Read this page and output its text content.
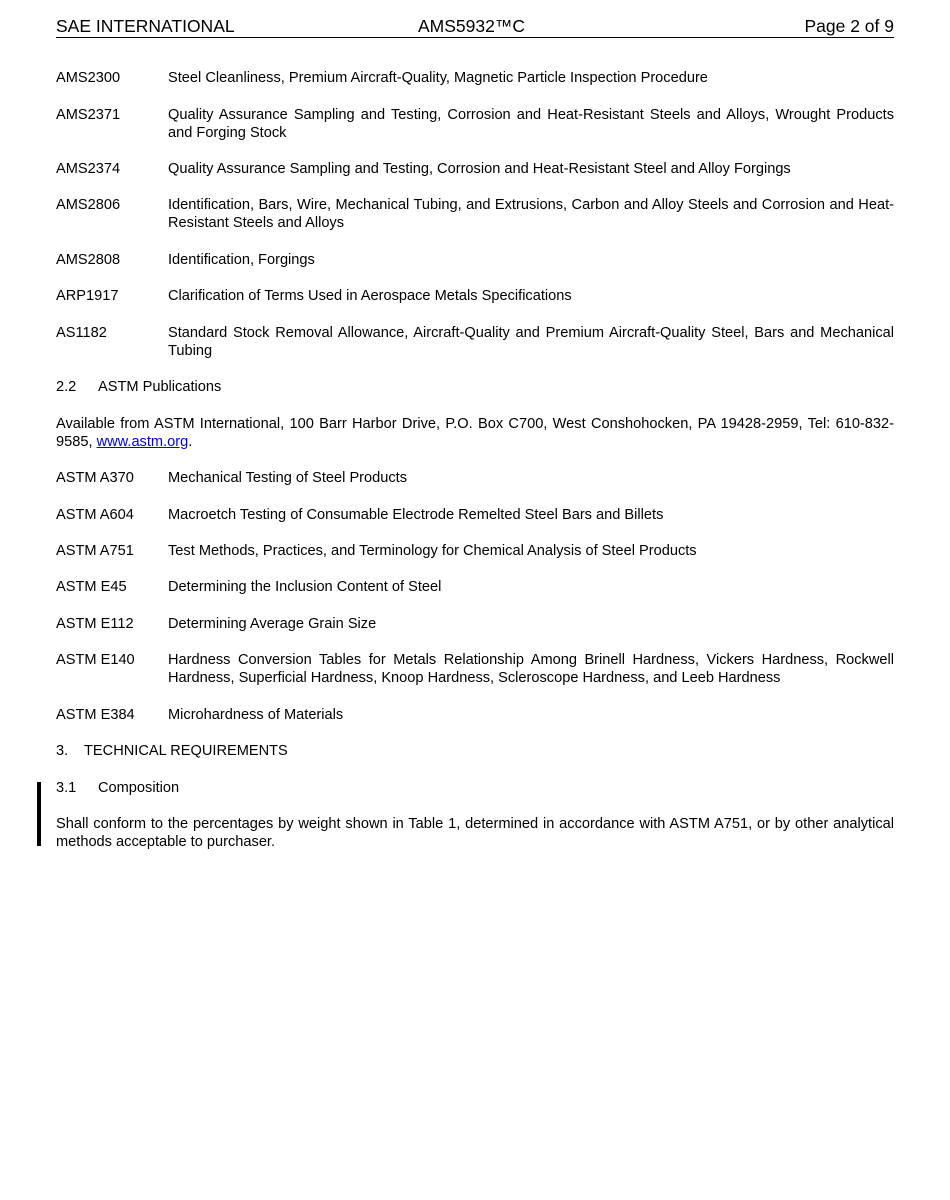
SAE INTERNATIONAL	AMS5932™C	Page 2 of 9
AMS2300	Steel Cleanliness, Premium Aircraft-Quality, Magnetic Particle Inspection Procedure
AMS2371	Quality Assurance Sampling and Testing, Corrosion and Heat-Resistant Steels and Alloys, Wrought Products and Forging Stock
AMS2374	Quality Assurance Sampling and Testing, Corrosion and Heat-Resistant Steel and Alloy Forgings
AMS2806	Identification, Bars, Wire, Mechanical Tubing, and Extrusions, Carbon and Alloy Steels and Corrosion and Heat-Resistant Steels and Alloys
AMS2808	Identification, Forgings
ARP1917	Clarification of Terms Used in Aerospace Metals Specifications
AS1182	Standard Stock Removal Allowance, Aircraft-Quality and Premium Aircraft-Quality Steel, Bars and Mechanical Tubing
2.2 ASTM Publications
Available from ASTM International, 100 Barr Harbor Drive, P.O. Box C700, West Conshohocken, PA 19428-2959, Tel: 610-832-9585, www.astm.org.
ASTM A370 Mechanical Testing of Steel Products
ASTM A604 Macroetch Testing of Consumable Electrode Remelted Steel Bars and Billets
ASTM A751 Test Methods, Practices, and Terminology for Chemical Analysis of Steel Products
ASTM E45	Determining the Inclusion Content of Steel
ASTM E112 Determining Average Grain Size
ASTM E140 Hardness Conversion Tables for Metals Relationship Among Brinell Hardness, Vickers Hardness, Rockwell Hardness, Superficial Hardness, Knoop Hardness, Scleroscope Hardness, and Leeb Hardness
ASTM E384 Microhardness of Materials
3. TECHNICAL REQUIREMENTS
3.1 Composition
Shall conform to the percentages by weight shown in Table 1, determined in accordance with ASTM A751, or by other analytical methods acceptable to purchaser.
